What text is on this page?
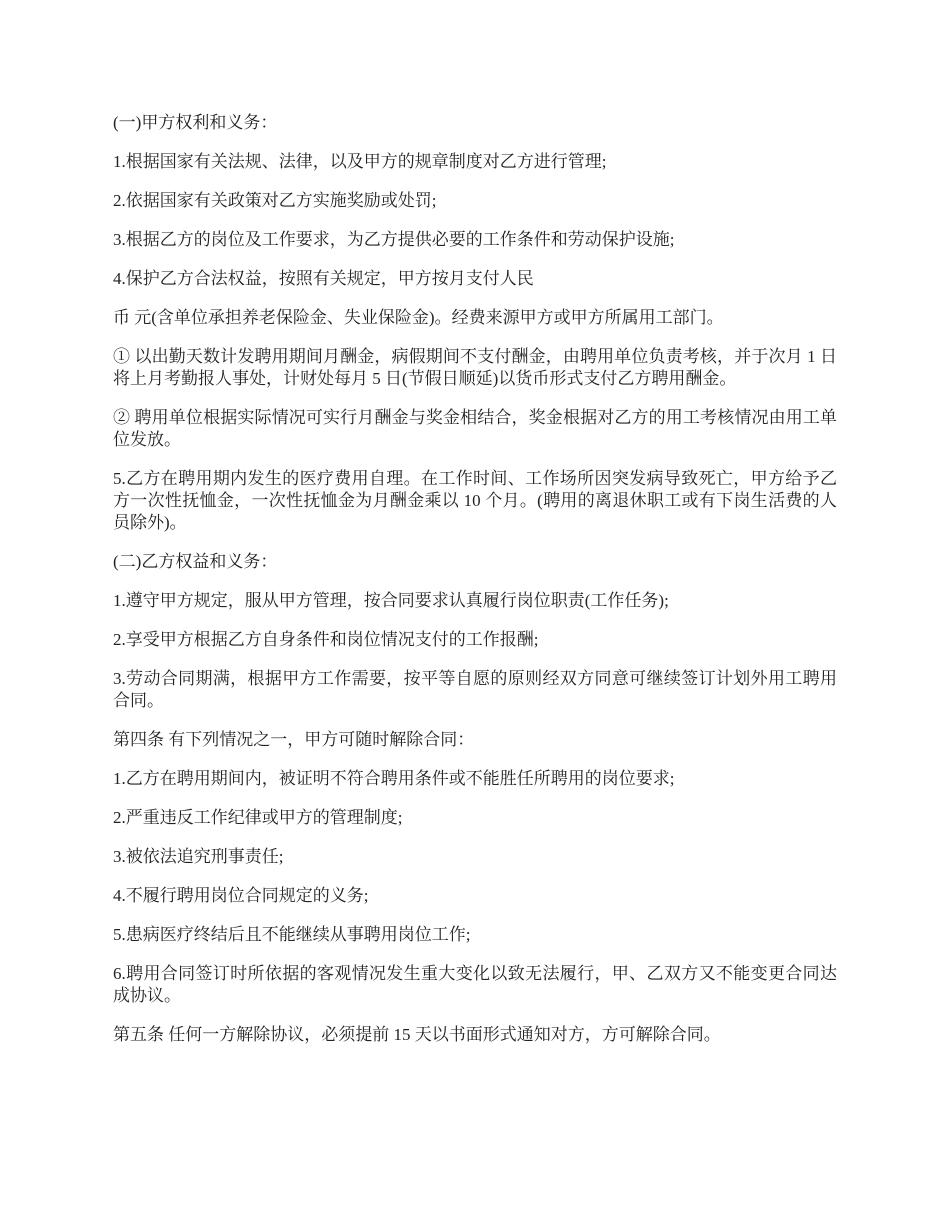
(一)甲方权利和义务：

1.根据国家有关法规、法律，以及甲方的规章制度对乙方进行管理;

2.依据国家有关政策对乙方实施奖励或处罚;

3.根据乙方的岗位及工作要求，为乙方提供必要的工作条件和劳动保护设施;

4.保护乙方合法权益，按照有关规定，甲方按月支付人民

币 元(含单位承担养老保险金、失业保险金)。经费来源甲方或甲方所属用工部门。

① 以出勤天数计发聘用期间月酬金，病假期间不支付酬金，由聘用单位负责考核，并于次月 1 日将上月考勤报人事处，计财处每月 5 日(节假日顺延)以货币形式支付乙方聘用酬金。

② 聘用单位根据实际情况可实行月酬金与奖金相结合，奖金根据对乙方的用工考核情况由用工单位发放。

5.乙方在聘用期内发生的医疗费用自理。在工作时间、工作场所因突发病导致死亡，甲方给予乙方一次性抚恤金，一次性抚恤金为月酬金乘以 10 个月。(聘用的离退休职工或有下岗生活费的人员除外)。

(二)乙方权益和义务：

1.遵守甲方规定，服从甲方管理，按合同要求认真履行岗位职责(工作任务);

2.享受甲方根据乙方自身条件和岗位情况支付的工作报酬;

3.劳动合同期满，根据甲方工作需要，按平等自愿的原则经双方同意可继续签订计划外用工聘用合同。

第四条 有下列情况之一，甲方可随时解除合同：

1.乙方在聘用期间内，被证明不符合聘用条件或不能胜任所聘用的岗位要求;

2.严重违反工作纪律或甲方的管理制度;

3.被依法追究刑事责任;

4.不履行聘用岗位合同规定的义务;

5.患病医疗终结后且不能继续从事聘用岗位工作;

6.聘用合同签订时所依据的客观情况发生重大变化以致无法履行，甲、乙双方又不能变更合同达成协议。

第五条 任何一方解除协议，必须提前 15 天以书面形式通知对方，方可解除合同。
